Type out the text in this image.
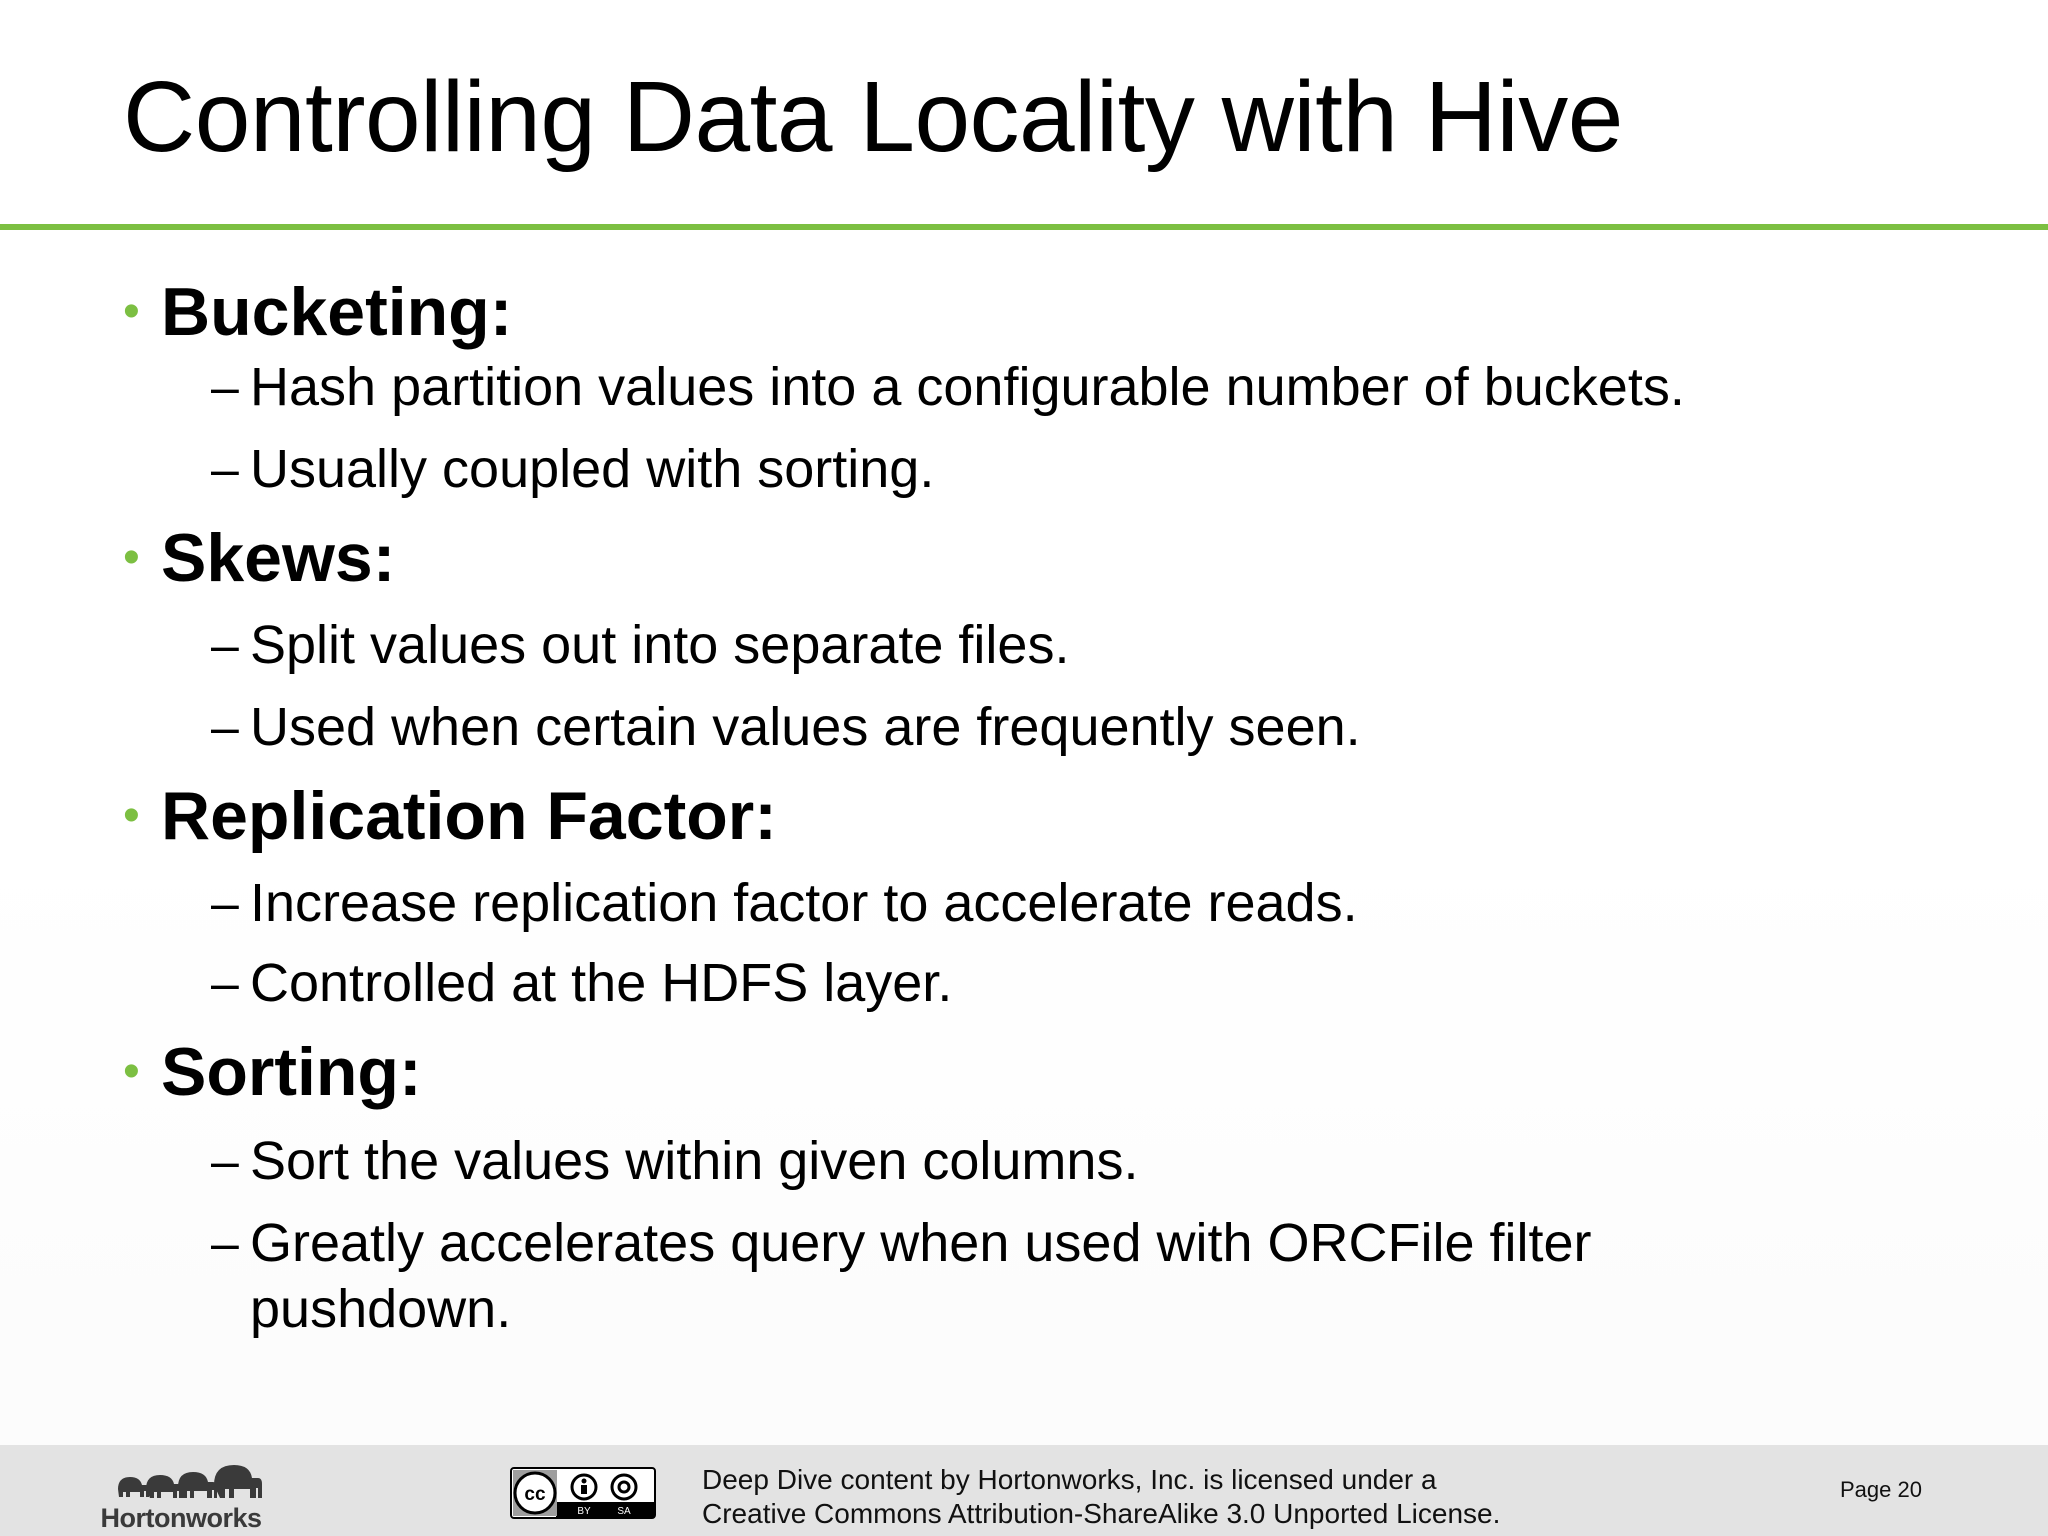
Controlling Data Locality with Hive
• Bucketing:
– Hash partition values into a configurable number of buckets.
– Usually coupled with sorting.
• Skews:
– Split values out into separate files.
– Used when certain values are frequently seen.
• Replication Factor:
– Increase replication factor to accelerate reads.
– Controlled at the HDFS layer.
• Sorting:
– Sort the values within given columns.
– Greatly accelerates query when used with ORCFile filter pushdown.
Hortonworks
cc
BY	SA
Deep Dive content by Hortonworks, Inc. is licensed under a
Creative Commons Attribution-ShareAlike 3.0 Unported License.
Page 20
